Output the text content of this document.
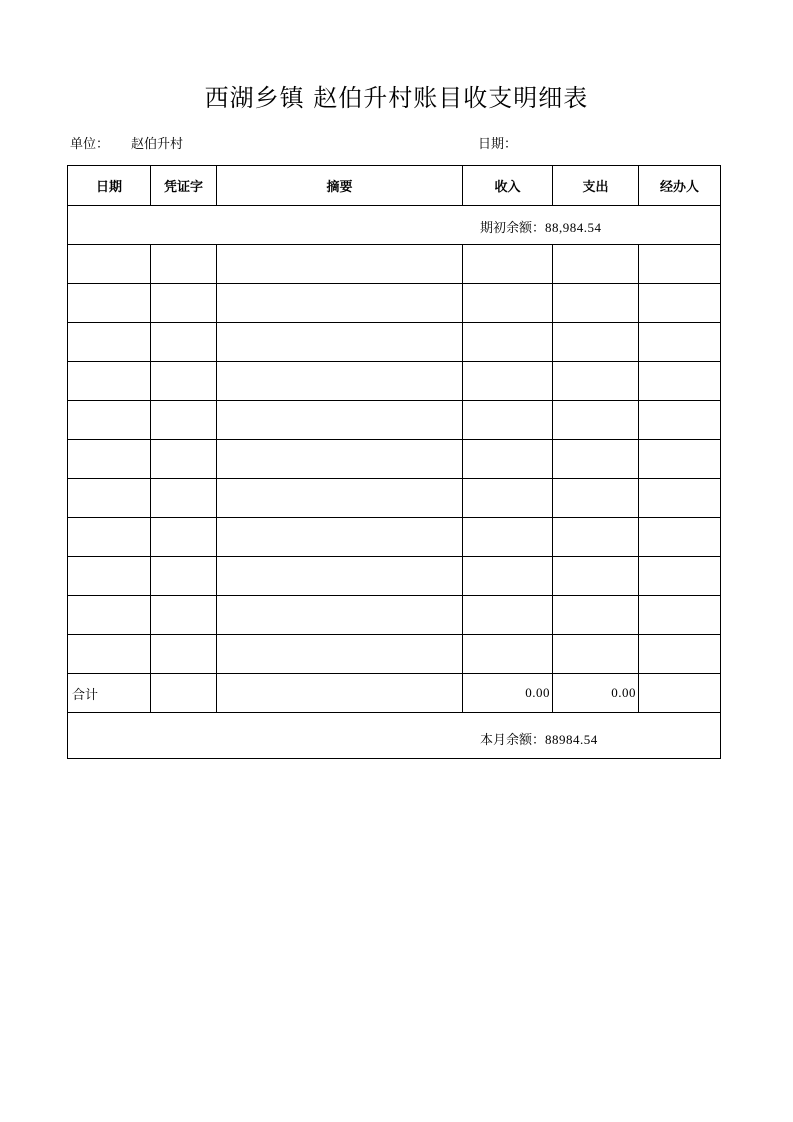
西湖乡镇 赵伯升村账目收支明细表
单位： 赵伯升村	日期：
日期	凭证字	摘要	收入	支出	经办人

期初余额：88,984.54					

合计			0.00	0.00	

本月余额：88984.54					
